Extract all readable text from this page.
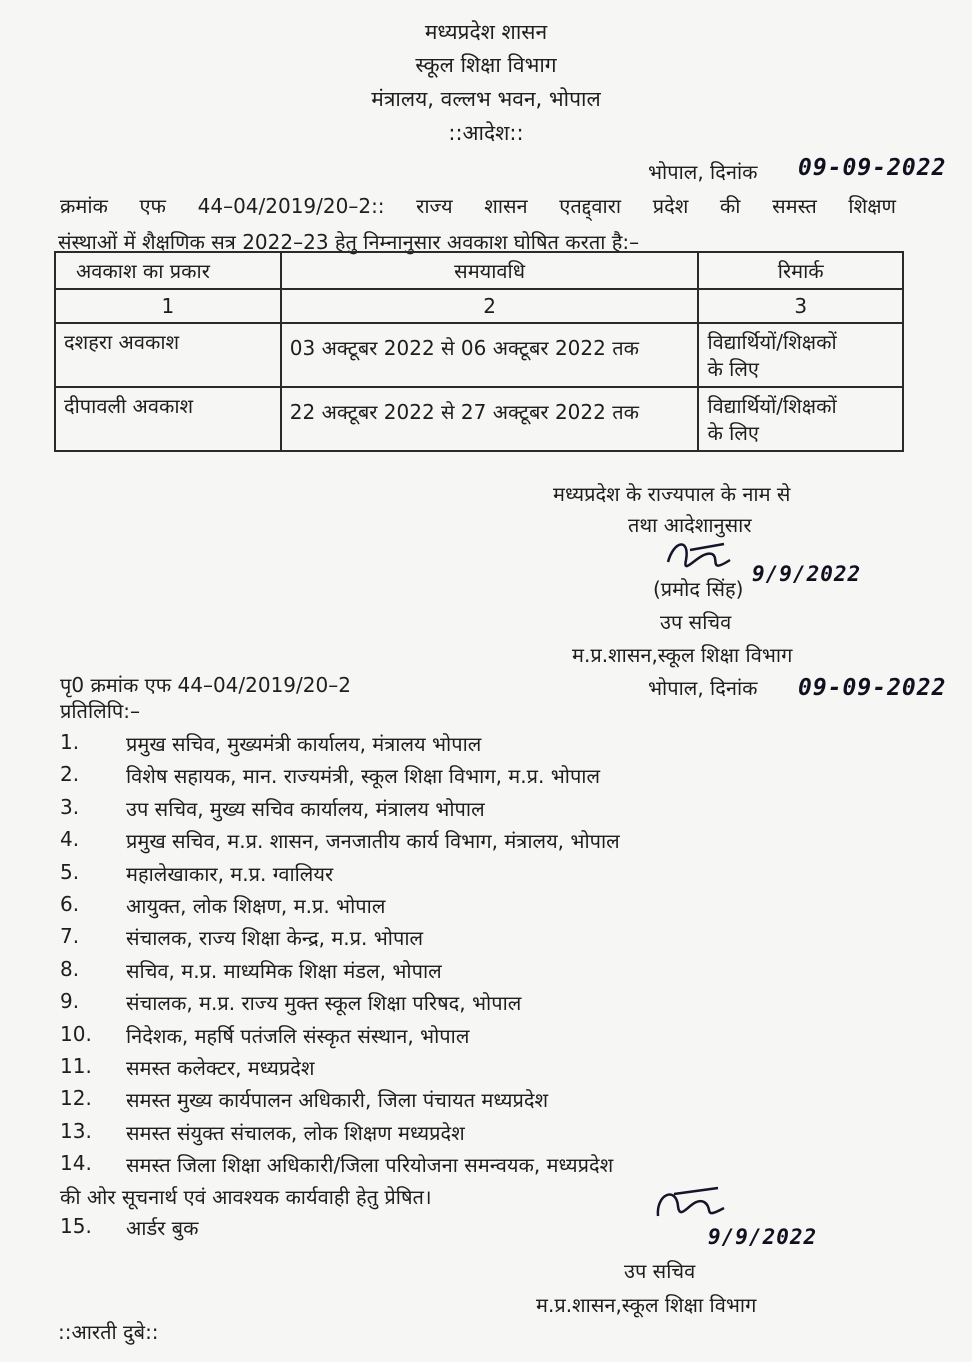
मध्यप्रदेश शासन
स्कूल शिक्षा विभाग
मंत्रालय, वल्लभ भवन, भोपाल
::आदेश::
भोपाल, दिनांक 09-09-2022
क्रमांक एफ 44–04/2019/20–2:: राज्य शासन एतद्द्वारा प्रदेश की समस्त शिक्षण
संस्थाओं में शैक्षणिक सत्र 2022–23 हेतु निम्नानुसार अवकाश घोषित करता है:–
अवकाश का प्रकार	समयावधि	रिमार्क
1	2	3
दशहरा अवकाश	03 अक्टूबर 2022 से 06 अक्टूबर 2022 तक	विद्यार्थियों/शिक्षकों
के लिए

दीपावली अवकाश	22 अक्टूबर 2022 से 27 अक्टूबर 2022 तक	विद्यार्थियों/शिक्षकों
के लिए
मध्यप्रदेश के राज्यपाल के नाम से
तथा आदेशानुसार
(प्रमोद सिंह)
9/9/2022
उप सचिव
म.प्र.शासन,स्कूल शिक्षा विभाग
पृ0 क्रमांक एफ 44–04/2019/20–2	भोपाल, दिनांक 09-09-2022
प्रतिलिपि:–
1. प्रमुख सचिव, मुख्यमंत्री कार्यालय, मंत्रालय भोपाल
2. विशेष सहायक, मान. राज्यमंत्री, स्कूल शिक्षा विभाग, म.प्र. भोपाल
3. उप सचिव, मुख्य सचिव कार्यालय, मंत्रालय भोपाल
4. प्रमुख सचिव, म.प्र. शासन, जनजातीय कार्य विभाग, मंत्रालय, भोपाल
5. महालेखाकार, म.प्र. ग्वालियर
6. आयुक्त, लोक शिक्षण, म.प्र. भोपाल
7. संचालक, राज्य शिक्षा केन्द्र, म.प्र. भोपाल
8. सचिव, म.प्र. माध्यमिक शिक्षा मंडल, भोपाल
9. संचालक, म.प्र. राज्य मुक्त स्कूल शिक्षा परिषद, भोपाल
10. निदेशक, महर्षि पतंजलि संस्कृत संस्थान, भोपाल
11. समस्त कलेक्टर, मध्यप्रदेश
12. समस्त मुख्य कार्यपालन अधिकारी, जिला पंचायत मध्यप्रदेश
13. समस्त संयुक्त संचालक, लोक शिक्षण मध्यप्रदेश
14. समस्त जिला शिक्षा अधिकारी/जिला परियोजना समन्वयक, मध्यप्रदेश
की ओर सूचनार्थ एवं आवश्यक कार्यवाही हेतु प्रेषित।
15. आर्डर बुक	9/9/2022
उप सचिव
म.प्र.शासन,स्कूल शिक्षा विभाग
::आरती दुबे::
